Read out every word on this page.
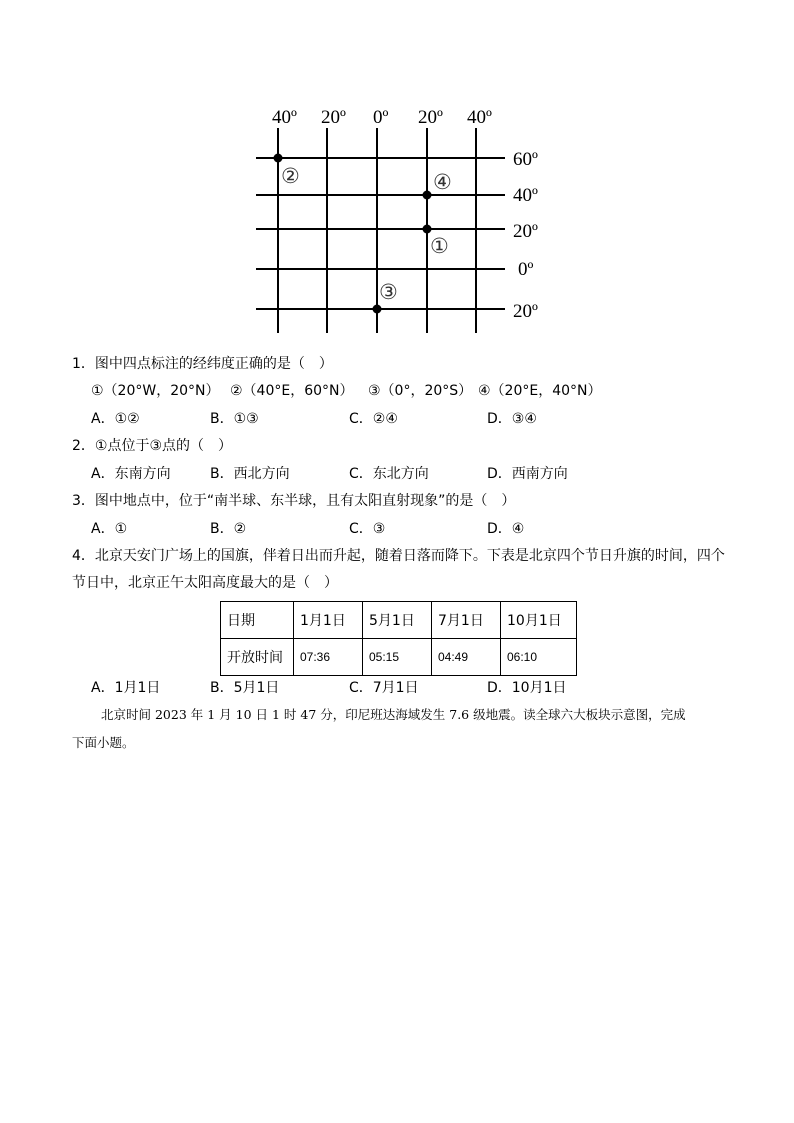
40º 20º 0º 20º 40º
60º
40º
20º
0º
20º
②	④
①
③
1．图中四点标注的经纬度正确的是（　）
①（20°W，20°N） ②（40°E，60°N） ③（0°，20°S） ④（20°E，40°N）
A．①②	B．①③	C．②④	D．③④
2．①点位于③点的（　）
A．东南方向	B．西北方向	C．东北方向	D．西南方向
3．图中地点中，位于“南半球、东半球，且有太阳直射现象”的是（　）
A．①	B．②	C．③	D．④
4．北京天安门广场上的国旗，伴着日出而升起，随着日落而降下。下表是北京四个节日升旗的时间，四个
节日中，北京正午太阳高度最大的是（　）
日期	1月1日	5月1日	7月1日	10月1日
开放时间	07:36	05:15	04:49	06:10
A．1月1日	B．5月1日	C．7月1日	D．10月1日
北京时间 2023 年 1 月 10 日 1 时 47 分，印尼班达海域发生 7.6 级地震。读全球六大板块示意图，完成
下面小题。
